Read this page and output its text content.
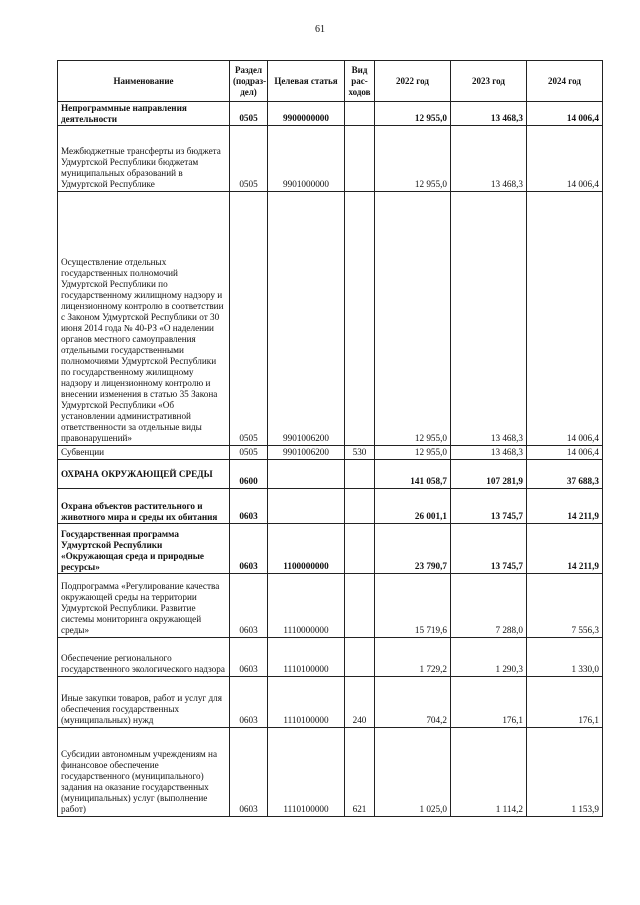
61
Наименование	Раздел (подраз-дел)	Целевая статья	Вид рас-ходов	2022 год	2023 год	2024 год
Непрограммные направления деятельности	0505	9900000000		12 955,0	13 468,3	14 006,4
Межбюджетные трансферты из бюджета Удмуртской Республики бюджетам муниципальных образований в Удмуртской Республике	0505	9901000000		12 955,0	13 468,3	14 006,4
Осуществление отдельных государственных полномочий Удмуртской Республики по государственному жилищному надзору и лицензионному контролю в соответствии с Законом Удмуртской Республики от 30 июня 2014 года № 40-РЗ «О наделении органов местного самоуправления отдельными государственными полномочиями Удмуртской Республики по государственному жилищному надзору и лицензионному контролю и внесении изменения в статью 35 Закона Удмуртской Республики «Об установлении административной ответственности за отдельные виды правонарушений»	0505	9901006200		12 955,0	13 468,3	14 006,4
Субвенции	0505	9901006200	530	12 955,0	13 468,3	14 006,4
ОХРАНА ОКРУЖАЮЩЕЙ СРЕДЫ	0600			141 058,7	107 281,9	37 688,3
Охрана объектов растительного и животного мира и среды их обитания	0603			26 001,1	13 745,7	14 211,9
Государственная программа Удмуртской Республики «Окружающая среда и природные ресурсы»	0603	1100000000		23 790,7	13 745,7	14 211,9
Подпрограмма «Регулирование качества окружающей среды на территории Удмуртской Республики. Развитие системы мониторинга окружающей среды»	0603	1110000000		15 719,6	7 288,0	7 556,3
Обеспечение регионального государственного экологического надзора	0603	1110100000		1 729,2	1 290,3	1 330,0
Иные закупки товаров, работ и услуг для обеспечения государственных (муниципальных) нужд	0603	1110100000	240	704,2	176,1	176,1
Субсидии автономным учреждениям на финансовое обеспечение государственного (муниципального) задания на оказание государственных (муниципальных) услуг (выполнение работ)	0603	1110100000	621	1 025,0	1 114,2	1 153,9
